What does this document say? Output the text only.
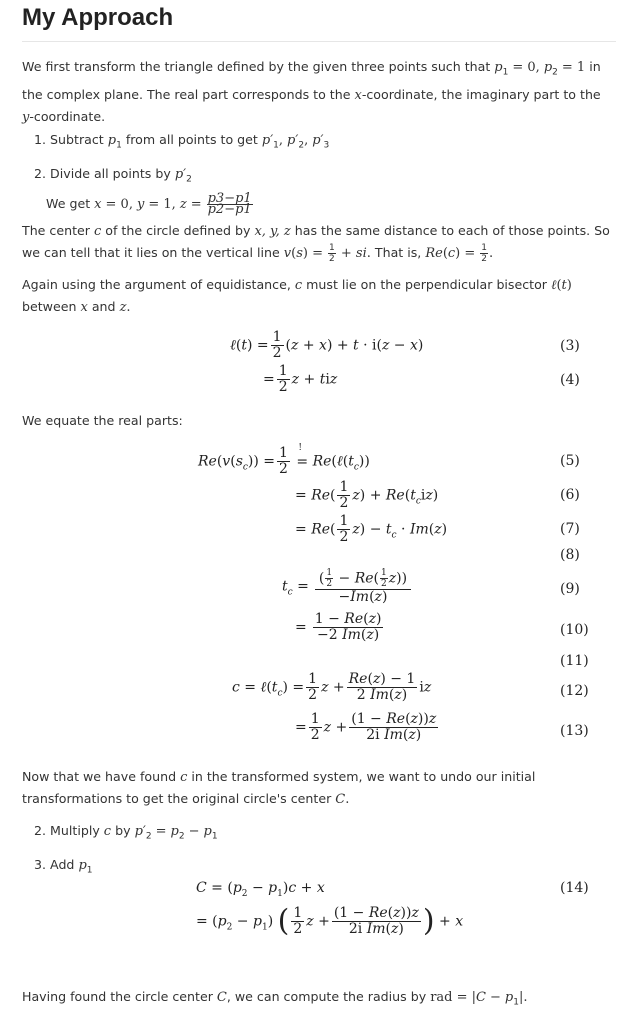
My Approach
We first transform the triangle defined by the given three points such that $p_1 = 0$, $p_2 = 1$ in the complex plane. The real part corresponds to the x-coordinate, the imaginary part to the y-coordinate.
1. Subtract $p_1$ from all points to get $p'_1$, $p'_2$, $p'_3$
2. Divide all points by $p'_2$
We get x = 0, y = 1, $z = \frac{p3-p1}{p2-p1}$
The center c of the circle defined by x, y, z has the same distance to each of those points. So we can tell that it lies on the vertical line $v(s) = \frac{1}{2}$ + si. That is, $Re(c) = \frac{1}{2}$ .
Again using the argument of equidistance, c must lie on the perpendicular bisector ℓ(t) between x and z.
ℓ(t) = $\frac{1}{2} (z + x) + t \cdot i(z - x)$
= $\frac{1}{2}$ z + tiz
We equate the real parts:
$Re(v(s_c)) = \frac{1}{2}$ =
!
$Re(\ell(t_c))$
= $Re( \frac{1}{2} z) + Re(t_ciz)$
= $Re( \frac{1}{2} z) - t_c \cdot Im(z)$
$t_c = \frac{( \frac{1}{2} - Re( \frac{1}{2} z))}{-Im(z)}$
= $\frac{1 - Re(z)}{-2 Im(z)}$
$c = \ell(t_c) = \frac{1}{2}$ $z + \frac{Re(z) - 1}{2 Im(z)}$ iz
= $\frac{1}{2}$ $z + \frac{(1 - Re(z))z}{\text{2i Im(z)}}$
(3)
(4)
(5)
(6)
(7)
(8)
(9)
(10)
(11)
(12)
(13)
Now that we have found c in the transformed system, we want to undo our initial transformations to get the original circle's center C.
2. Multiply c by $p'_2 = p_2 - p_1$
3. Add $p_1$
$C = (p_2 - p_1)c + x$	(14)
= $(p_2 - p_1)$ ( $\frac{1}{2}$ $z + \frac{(1 - Re(z))z}{\text{2i Im(z)}}$ ) + x
Having found the circle center C, we can compute the radius by rad = $|C - p_1|$.
